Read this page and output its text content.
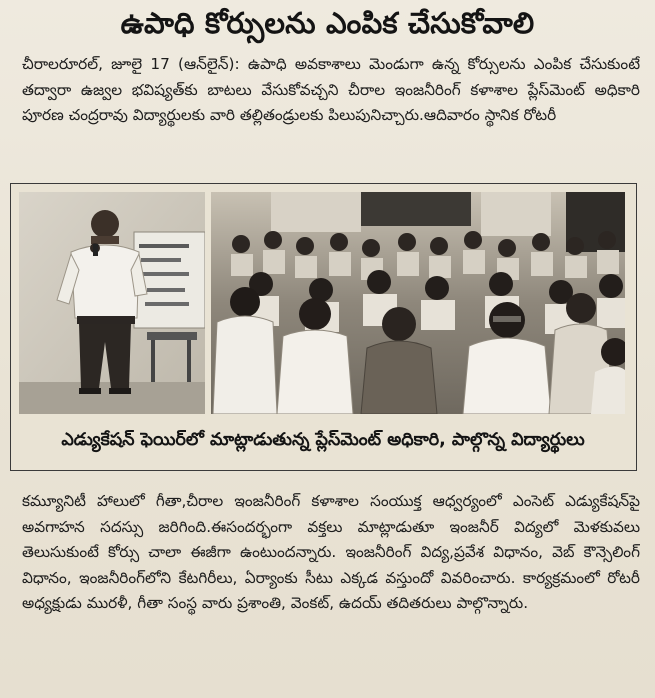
ఉపాధి కోర్సులను ఎంపిక చేసుకోవాలి
చీరాలరూరల్‌, జూలై 17 (ఆన్‌లైన్‌): ఉపాధి అవకాశాలు మెండుగా ఉన్న కోర్సులను ఎంపిక చేసుకుంటే తద్వారా ఉజ్వల భవిష్యత్‌కు బాటలు వేసుకోవచ్చని చీరాల ఇంజనీరింగ్‌ కళాశాల ప్లేస్‌మెంట్‌ అధికారి పూరణ చంద్రరావు విద్యార్థులకు వారి తల్లితండ్రులకు పిలుపునిచ్చారు.ఆదివారం స్థానిక రోటరీ
ఎడ్యుకేషన్‌ ఫెయిర్‌లో మాట్లాడుతున్న ప్లేస్‌మెంట్‌ అధికారి, పాల్గొన్న విద్యార్థులు
కమ్యూనిటీ హాలులో గీతా,చీరాల ఇంజనీరింగ్‌ కళాశాల సంయుక్త ఆధ్వర్యంలో ఎంసెట్‌ ఎడ్యుకేషన్‌పై అవగాహన సదస్సు జరిగింది.ఈసందర్భంగా వక్తలు మాట్లాడుతూ ఇంజనీర్‌ విద్యలో మెళకువలు తెలుసుకుంటే కోర్సు చాలా ఈజీగా ఉంటుందన్నారు. ఇంజనీరింగ్‌ విద్య,ప్రవేశ విధానం, వెబ్‌ కౌన్సెలింగ్‌ విధానం, ఇంజనీరింగ్‌లోని కేటగిరీలు, ఏర్యాంకు సీటు ఎక్కడ వస్తుందో వివరించారు. కార్యక్రమంలో రోటరీ అధ్యక్షుడు మురళీ, గీతా సంస్థ వారు ప్రశాంతి, వెంకట్‌, ఉదయ్‌ తదితరులు పాల్గొన్నారు.
